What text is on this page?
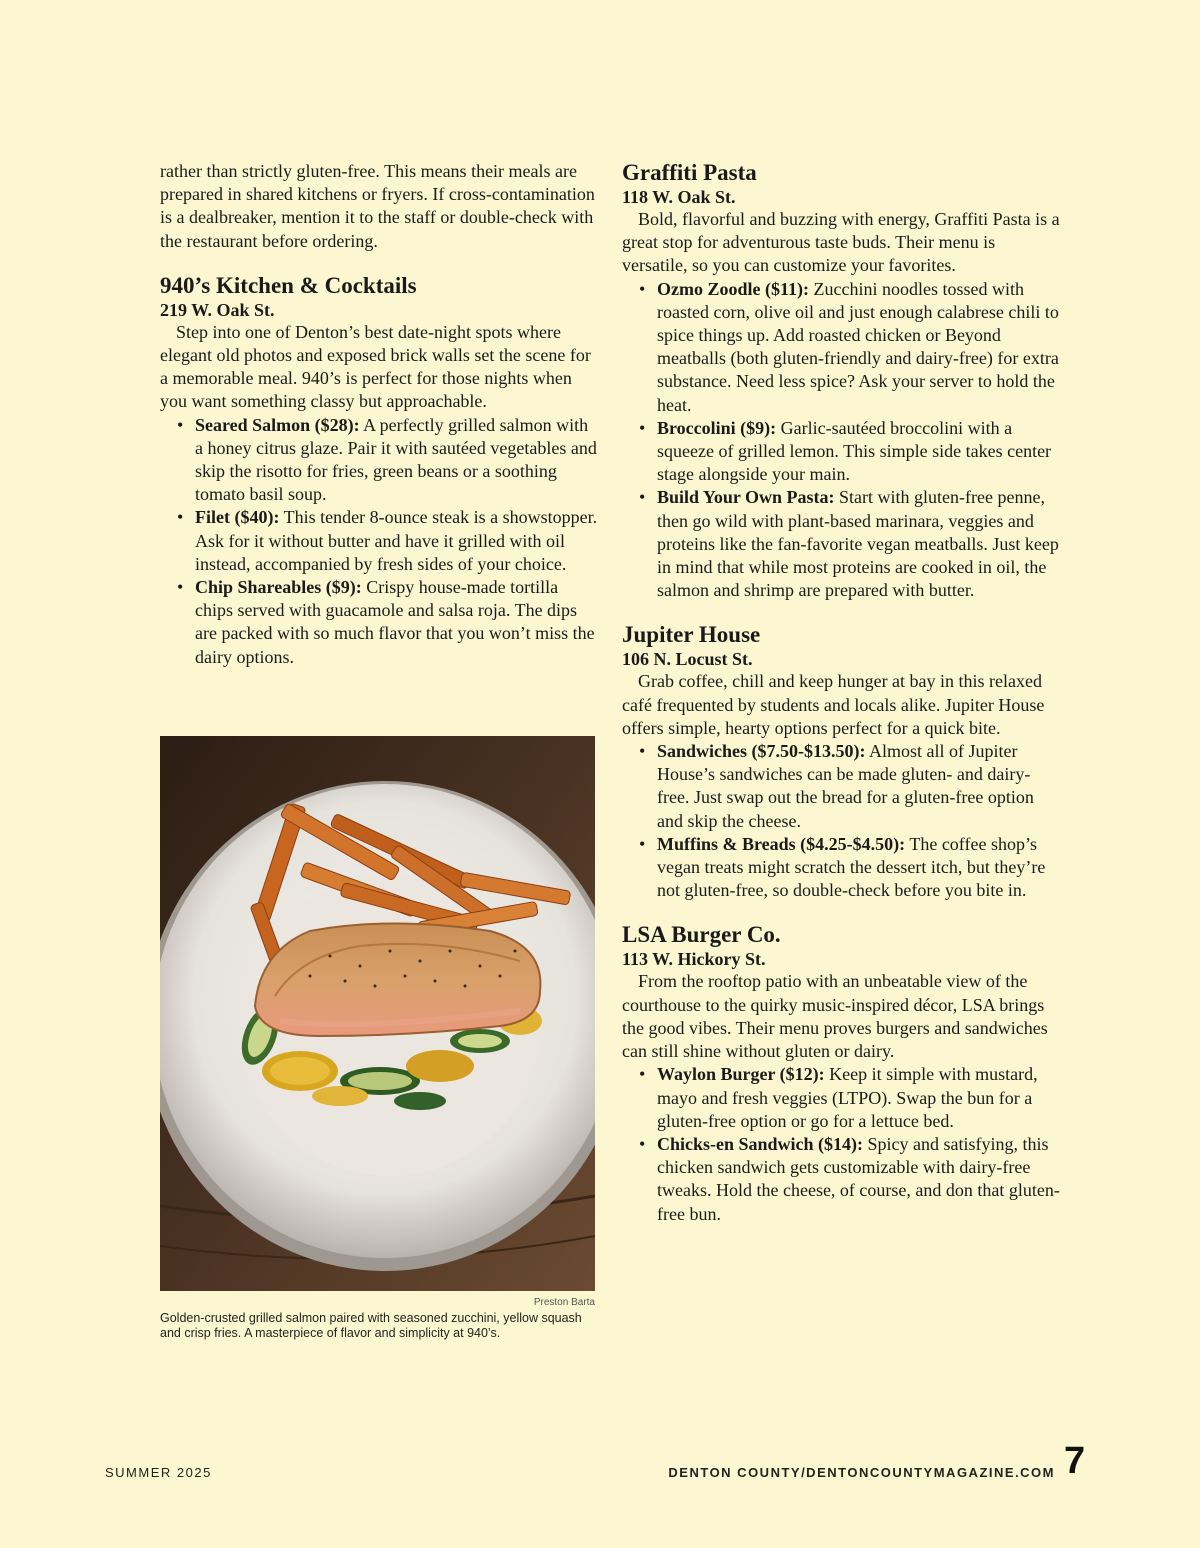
rather than strictly gluten-free. This means their meals are prepared in shared kitchens or fryers. If cross-contamination is a dealbreaker, mention it to the staff or double-check with the restaurant before ordering.

940’s Kitchen & Cocktails
219 W. Oak St.

Step into one of Denton’s best date-night spots where elegant old photos and exposed brick walls set the scene for a memorable meal. 940’s is perfect for those nights when you want something classy but approachable.

• Seared Salmon ($28): A perfectly grilled salmon with a honey citrus glaze. Pair it with sautéed vegetables and skip the risotto for fries, green beans or a soothing tomato basil soup.
• Filet ($40): This tender 8-ounce steak is a showstopper. Ask for it without butter and have it grilled with oil instead, accompanied by fresh sides of your choice.
• Chip Shareables ($9): Crispy house-made tortilla chips served with guacamole and salsa roja. The dips are packed with so much flavor that you won’t miss the dairy options.
Preston Barta
Golden-crusted grilled salmon paired with seasoned zucchini, yellow squash and crisp fries. A masterpiece of flavor and simplicity at 940’s.
Graffiti Pasta
118 W. Oak St.

Bold, flavorful and buzzing with energy, Graffiti Pasta is a great stop for adventurous taste buds. Their menu is versatile, so you can customize your favorites.

• Ozmo Zoodle ($11): Zucchini noodles tossed with roasted corn, olive oil and just enough calabrese chili to spice things up. Add roasted chicken or Beyond meatballs (both gluten-friendly and dairy-free) for extra substance. Need less spice? Ask your server to hold the heat.
• Broccolini ($9): Garlic-sautéed broccolini with a squeeze of grilled lemon. This simple side takes center stage alongside your main.
• Build Your Own Pasta: Start with gluten-free penne, then go wild with plant-based marinara, veggies and proteins like the fan-favorite vegan meatballs. Just keep in mind that while most proteins are cooked in oil, the salmon and shrimp are prepared with butter.
Jupiter House
106 N. Locust St.

Grab coffee, chill and keep hunger at bay in this relaxed café frequented by students and locals alike. Jupiter House offers simple, hearty options perfect for a quick bite.

• Sandwiches ($7.50-$13.50): Almost all of Jupiter House’s sandwiches can be made gluten- and dairy-free. Just swap out the bread for a gluten-free option and skip the cheese.
• Muffins & Breads ($4.25-$4.50): The coffee shop’s vegan treats might scratch the dessert itch, but they’re not gluten-free, so double-check before you bite in.
LSA Burger Co.
113 W. Hickory St.

From the rooftop patio with an unbeatable view of the courthouse to the quirky music-inspired décor, LSA brings the good vibes. Their menu proves burgers and sandwiches can still shine without gluten or dairy.

• Waylon Burger ($12): Keep it simple with mustard, mayo and fresh veggies (LTPO). Swap the bun for a gluten-free option or go for a lettuce bed.
• Chicks-en Sandwich ($14): Spicy and satisfying, this chicken sandwich gets customizable with dairy-free tweaks. Hold the cheese, of course, and don that gluten-free bun.
SUMMER 2025	DENTON COUNTY/DENTONCOUNTYMAGAZINE.COM 7
